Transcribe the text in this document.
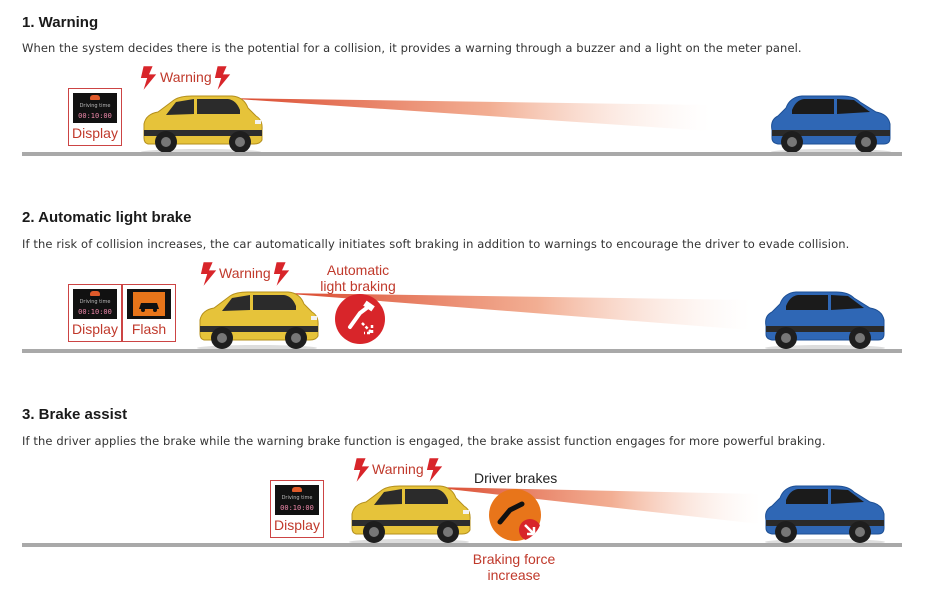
1. Warning
When the system decides there is the potential for a collision, it provides a warning through a buzzer and a light on the meter panel.
Driving time
00:10:00
Display
Warning
2. Automatic light brake
If the risk of collision increases, the car automatically initiates soft braking in addition to warnings to encourage the driver to evade collision.
Driving time
00:10:00
Display Flash
Warning	Automatic
light braking
3. Brake assist
If the driver applies the brake while the warning brake function is engaged, the brake assist function engages for more powerful braking.
Driving time
00:10:00
Display
Warning
Driver brakes
Braking force
increase
